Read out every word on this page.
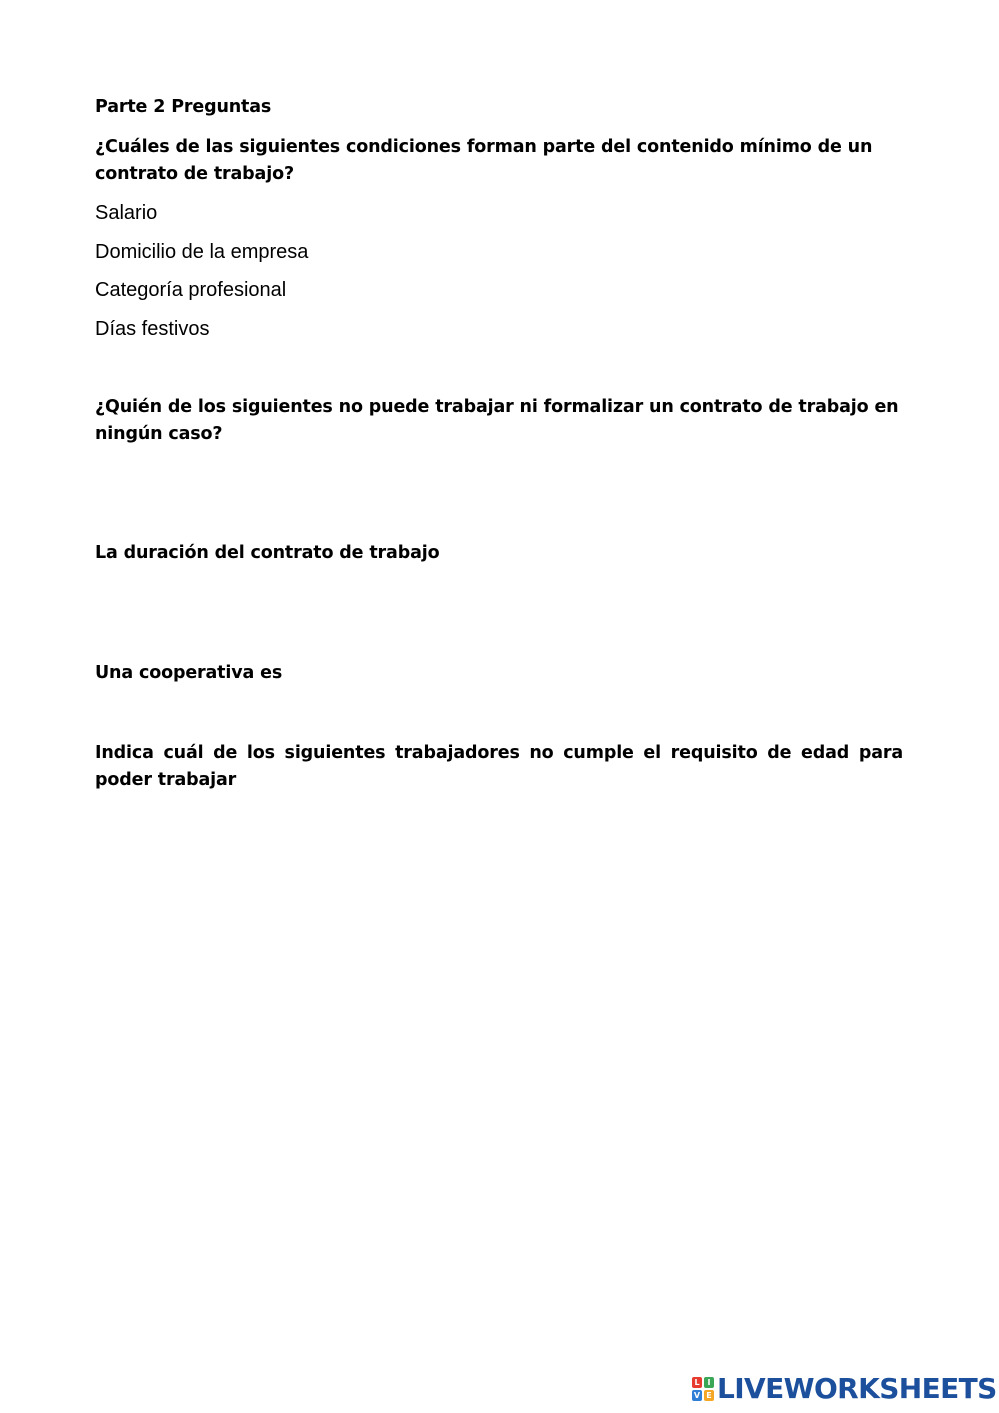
Parte 2 Preguntas

¿Cuáles de las siguientes condiciones forman parte del contenido mínimo de un contrato de trabajo?

Salario

Domicilio de la empresa

Categoría profesional

Días festivos

¿Quién de los siguientes no puede trabajar ni formalizar un contrato de trabajo en ningún caso?

La duración del contrato de trabajo

Una cooperativa es

Indica cuál de los siguientes trabajadores no cumple el requisito de edad para poder trabajar

L I
V E LIVEWORKSHEETS
